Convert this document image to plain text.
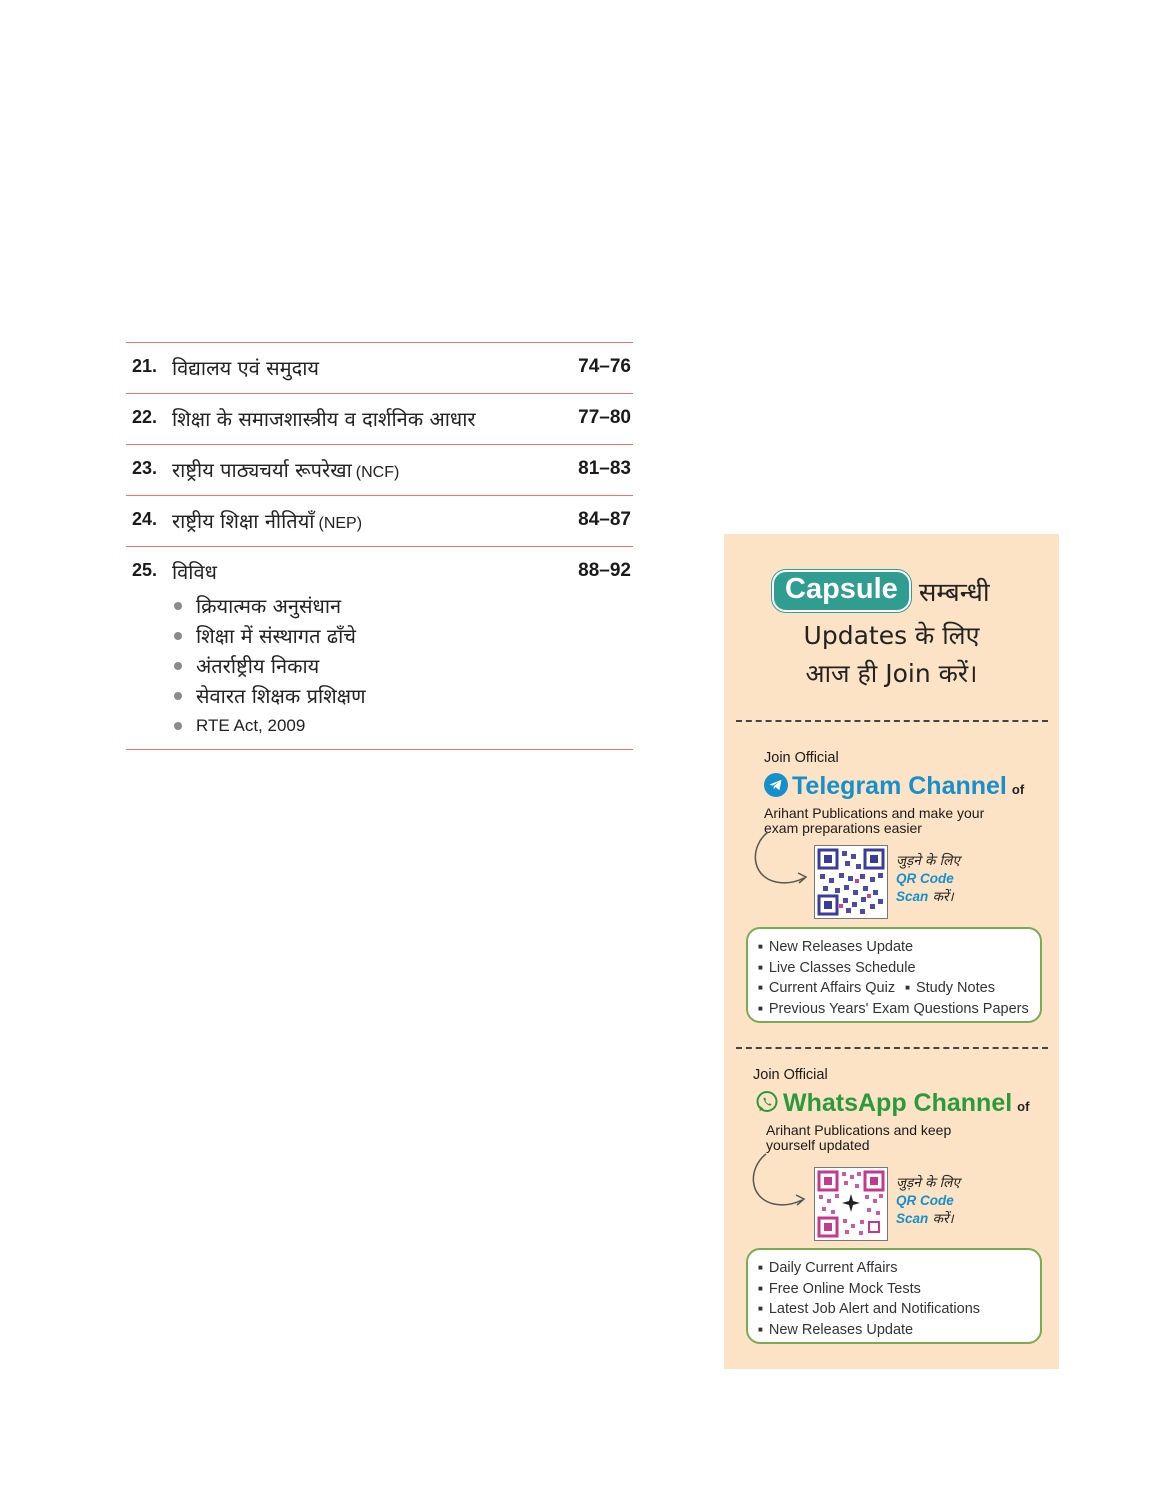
21. विद्यालय एवं समुदाय	74–76
22. शिक्षा के समाजशास्त्रीय व दार्शनिक आधार	77–80
23. राष्ट्रीय पाठ्यचर्या रूपरेखा (NCF)	81–83
24. राष्ट्रीय शिक्षा नीतियाँ (NEP)	84–87
25. विविध	88–92
क्रियात्मक अनुसंधान
शिक्षा में संस्थागत ढाँचे
अंतर्राष्ट्रीय निकाय
सेवारत शिक्षक प्रशिक्षण
RTE Act, 2009
Capsule सम्बन्धी
Updates के लिए
आज ही Join करें।
Join Official
Telegram Channel of
Arihant Publications and make your
exam preparations easier
जुड़ने के लिए
QR Code
Scan करें।
■ New Releases Update
■ Live Classes Schedule
■ Current Affairs Quiz■ Study Notes
■ Previous Years' Exam Questions Papers
Join Official
WhatsApp Channel of
Arihant Publications and keep
yourself updated
जुड़ने के लिए
QR Code
Scan करें।
■ Daily Current Affairs
■ Free Online Mock Tests
■ Latest Job Alert and Notifications
■ New Releases Update
